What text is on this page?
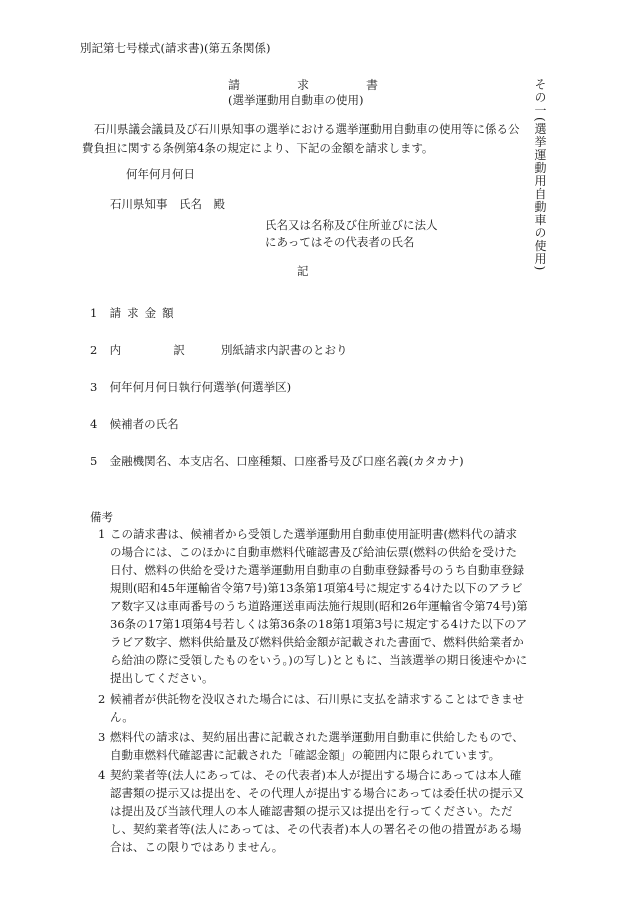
別記第七号様式(請求書)(第五条関係)
請	求	書
(選挙運動用自動車の使用)
石川県議会議員及び石川県知事の選挙における選挙運動用自動車の使用等に係る公費負担に関する条例第4条の規定により、下記の金額を請求します。
何年何月何日
石川県知事　氏名　殿
氏名又は名称及び住所並びに法人
にあってはその代表者の氏名
記
1 請求金額
2 内	訳	別紙請求内訳書のとおり
3 何年何月何日執行何選挙(何選挙区)
4 候補者の氏名
5 金融機関名、本支店名、口座種類、口座番号及び口座名義(カタカナ)
備考
1 この請求書は、候補者から受領した選挙運動用自動車使用証明書(燃料代の請求の場合には、このほかに自動車燃料代確認書及び給油伝票(燃料の供給を受けた日付、燃料の供給を受けた選挙運動用自動車の自動車登録番号のうち自動車登録規則(昭和45年運輸省令第7号)第13条第1項第4号に規定する4けた以下のアラビア数字又は車両番号のうち道路運送車両法施行規則(昭和26年運輸省令第74号)第36条の17第1項第4号若しくは第36条の18第1項第3号に規定する4けた以下のアラビア数字、燃料供給量及び燃料供給金額が記載された書面で、燃料供給業者から給油の際に受領したものをいう。)の写し)とともに、当該選挙の期日後速やかに提出してください。
2 候補者が供託物を没収された場合には、石川県に支払を請求することはできません。
3 燃料代の請求は、契約届出書に記載された選挙運動用自動車に供給したもので、自動車燃料代確認書に記載された「確認金額」の範囲内に限られています。
4 契約業者等(法人にあっては、その代表者)本人が提出する場合にあっては本人確認書類の提示又は提出を、その代理人が提出する場合にあっては委任状の提示又は提出及び当該代理人の本人確認書類の提示又は提出を行ってください。ただし、契約業者等(法人にあっては、その代表者)本人の署名その他の措置がある場合は、この限りではありません。
その一(選挙運動用自動車の使用)
